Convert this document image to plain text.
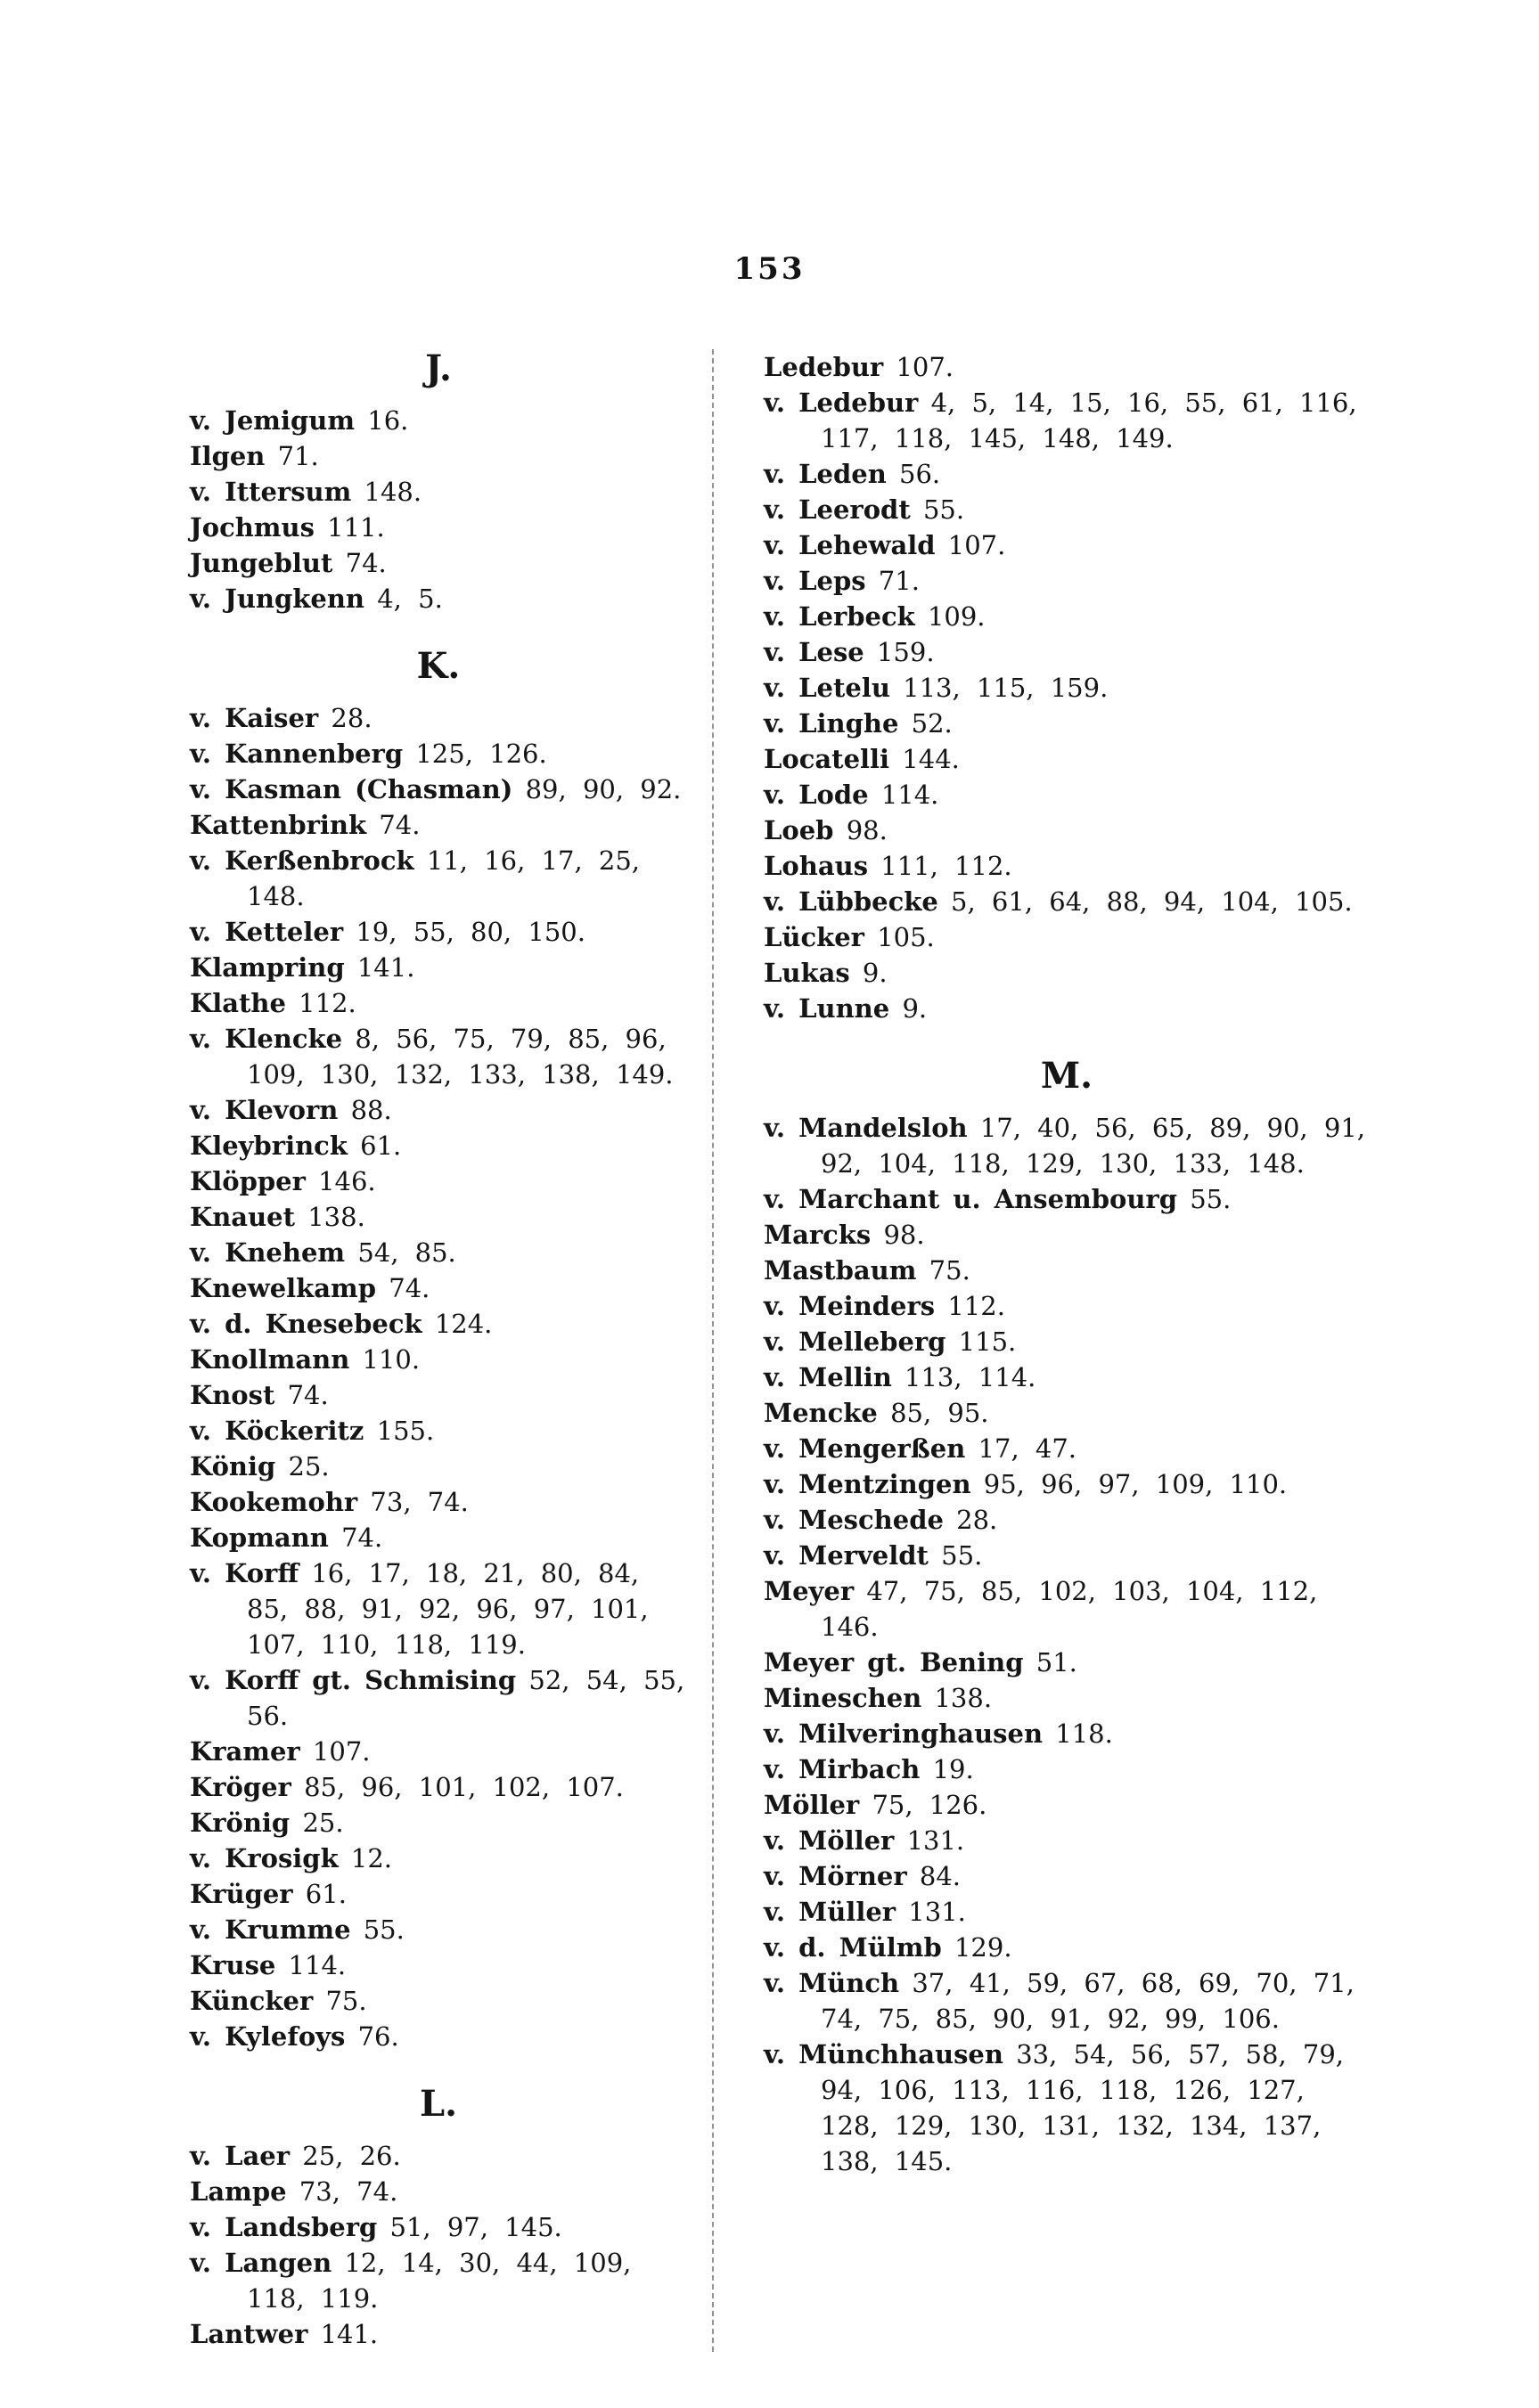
153
J.
v. Jemigum 16.
Ilgen 71.
v. Ittersum 148.
Jochmus 111.
Jungeblut 74.
v. Jungkenn 4, 5.
K.
v. Kaiser 28.
v. Kannenberg 125, 126.
v. Kasman (Chasman) 89, 90, 92.
Kattenbrink 74.
v. Kerßenbrock 11, 16, 17, 25, 148.
v. Ketteler 19, 55, 80, 150.
Klampring 141.
Klathe 112.
v. Klencke 8, 56, 75, 79, 85, 96, 109, 130, 132, 133, 138, 149.
v. Klevorn 88.
Kleybrinck 61.
Klöpper 146.
Knauet 138.
v. Knehem 54, 85.
Knewelkamp 74.
v. d. Knesebeck 124.
Knollmann 110.
Knost 74.
v. Köckeritz 155.
König 25.
Kookemohr 73, 74.
Kopmann 74.
v. Korff 16, 17, 18, 21, 80, 84, 85, 88, 91, 92, 96, 97, 101, 107, 110, 118, 119.
v. Korff gt. Schmising 52, 54, 55, 56.
Kramer 107.
Kröger 85, 96, 101, 102, 107.
Krönig 25.
v. Krosigk 12.
Krüger 61.
v. Krumme 55.
Kruse 114.
Küncker 75.
v. Kylefoys 76.
L.
v. Laer 25, 26.
Lampe 73, 74.
v. Landsberg 51, 97, 145.
v. Langen 12, 14, 30, 44, 109, 118, 119.
Lantwer 141.
Ledebur 107.
v. Ledebur 4, 5, 14, 15, 16, 55, 61, 116, 117, 118, 145, 148, 149.
v. Leden 56.
v. Leerodt 55.
v. Lehewald 107.
v. Leps 71.
v. Lerbeck 109.
v. Lese 159.
v. Letelu 113, 115, 159.
v. Linghe 52.
Locatelli 144.
v. Lode 114.
Loeb 98.
Lohaus 111, 112.
v. Lübbecke 5, 61, 64, 88, 94, 104, 105.
Lücker 105.
Lukas 9.
v. Lunne 9.
M.
v. Mandelsloh 17, 40, 56, 65, 89, 90, 91, 92, 104, 118, 129, 130, 133, 148.
v. Marchant u. Ansembourg 55.
Marcks 98.
Mastbaum 75.
v. Meinders 112.
v. Melleberg 115.
v. Mellin 113, 114.
Mencke 85, 95.
v. Mengerßen 17, 47.
v. Mentzingen 95, 96, 97, 109, 110.
v. Meschede 28.
v. Merveldt 55.
Meyer 47, 75, 85, 102, 103, 104, 112, 146.
Meyer gt. Bening 51.
Mineschen 138.
v. Milveringhausen 118.
v. Mirbach 19.
Möller 75, 126.
v. Möller 131.
v. Mörner 84.
v. Müller 131.
v. d. Mülmb 129.
v. Münch 37, 41, 59, 67, 68, 69, 70, 71, 74, 75, 85, 90, 91, 92, 99, 106.
v. Münchhausen 33, 54, 56, 57, 58, 79, 94, 106, 113, 116, 118, 126, 127, 128, 129, 130, 131, 132, 134, 137, 138, 145.
